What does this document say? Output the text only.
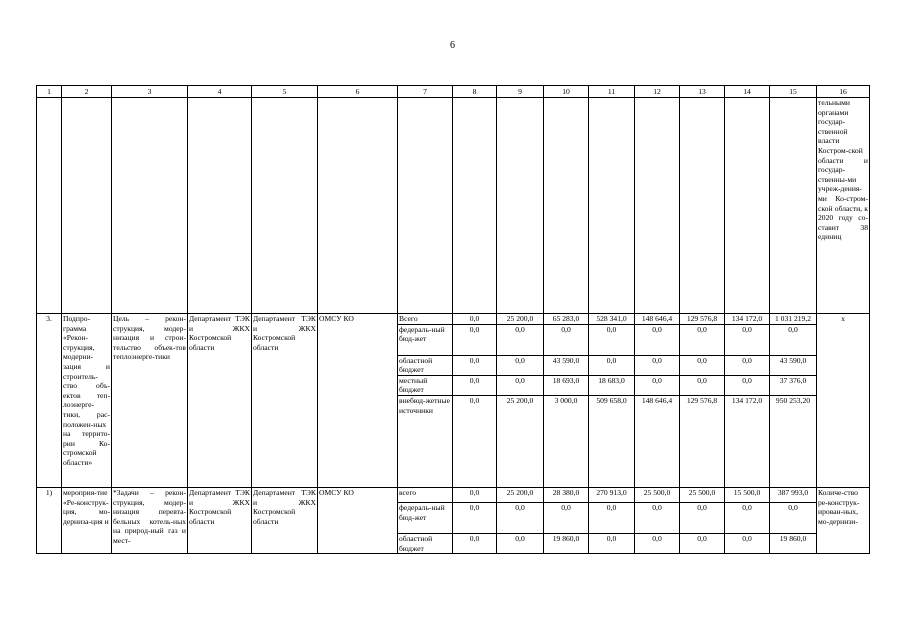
6
1	2	3	4	5	6	7	8	9	10	11	12	13	14	15	16
															тельными органами государ-ственной власти Костром-ской области и государ-ственны-ми учреж-дения-ми Ко-стром-ской области, к 2020 году со-ставит 38 единиц
3.	Подпро-грамма «Рекон-струкция, модерни-зация и строитель-ство объ-ектов теп-лоэнерге-тики, рас-положен-ных на террито-рии Ко-стромской области»	Цель – рекон-струкция, модер-низация и строи-тельство объек-тов теплоэнерге-тики	Департамент ТЭК и ЖКХ Костромской области	Департамент ТЭК и ЖКХ Костромской области	ОМСУ КО	Всего	0,0	25 200,0	65 283,0	528 341,0	148 646,4	129 576,8	134 172,0	1 031 219,2	х
						федераль-ный бюд-жет	0,0	0,0	0,0	0,0	0,0	0,0	0,0	0,0	
						областной бюджет	0,0	0,0	43 590,0	0,0	0,0	0,0	0,0	43 590,0	
						местный бюджет	0,0	0,0	18 693,0	18 683,0	0,0	0,0	0,0	37 376,0	
						внебюд-жетные источники	0,0	25 200,0	3 000,0	509 658,0	148 646,4	129 576,8	134 172,0	950 253,20	
1)	мероприя-тие «Ре-конструк-ция, мо-дерниза-ция и	*Задачи – рекон-струкция, модер-низация перевта-бельных котель-ных на природ-ный газ и мест-	Департамент ТЭК и ЖКХ Костромской области	Департамент ТЭК и ЖКХ Костромской области	ОМСУ КО	всего	0,0	25 200,0	28 380,0	270 913,0	25 500,0	25 500,0	15 500,0	387 993,0	Количе-ство ре-конструк-ирован-ных, мо-дернизи-
						федераль-ный бюд-жет	0,0	0,0	0,0	0,0	0,0	0,0	0,0	0,0	
						областной бюджет	0,0	0,0	19 860,0	0,0	0,0	0,0	0,0	19 860,0	
